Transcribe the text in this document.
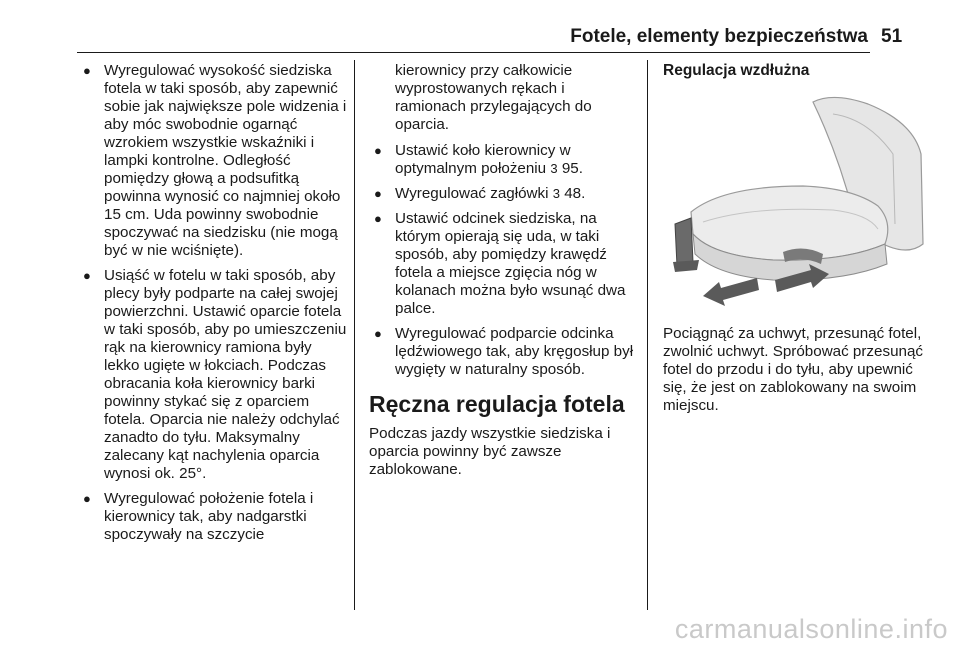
Fotele, elementy bezpieczeństwa 51
● Wyregulować wysokość siedziska fotela w taki sposób, aby zapewnić sobie jak największe pole widzenia i aby móc swobodnie ogarnąć wzrokiem wszystkie wskaźniki i lampki kontrolne. Odległość pomiędzy głową a podsufitką powinna wynosić co najmniej około 15 cm. Uda powinny swobodnie spoczywać na siedzisku (nie mogą być w nie wciśnięte).
● Usiąść w fotelu w taki sposób, aby plecy były podparte na całej swojej powierzchni. Ustawić oparcie fotela w taki sposób, aby po umieszczeniu rąk na kierownicy ramiona były lekko ugięte w łokciach. Podczas obracania koła kierownicy barki powinny stykać się z oparciem fotela. Oparcia nie należy odchylać zanadto do tyłu. Maksymalny zalecany kąt nachylenia oparcia wynosi ok. 25°.
● Wyregulować położenie fotela i kierownicy tak, aby nadgarstki spoczywały na szczycie

kierownicy przy całkowicie wyprostowanych rękach i ramionach przylegających do oparcia.

● Ustawić koło kierownicy w optymalnym położeniu 3 95.
● Wyregulować zagłówki 3 48.
● Ustawić odcinek siedziska, na którym opierają się uda, w taki sposób, aby pomiędzy krawędź fotela a miejsce zgięcia nóg w kolanach można było wsunąć dwa palce.
● Wyregulować podparcie odcinka lędźwiowego tak, aby kręgosłup był wygięty w naturalny sposób.
Ręczna regulacja fotela

Podczas jazdy wszystkie siedziska i oparcia powinny być zawsze zablokowane.

Regulacja wzdłużna

Pociągnąć za uchwyt, przesunąć fotel, zwolnić uchwyt. Spróbować przesunąć fotel do przodu i do tyłu, aby upewnić się, że jest on zablokowany na swoim miejscu.

carmanualsonline.info
